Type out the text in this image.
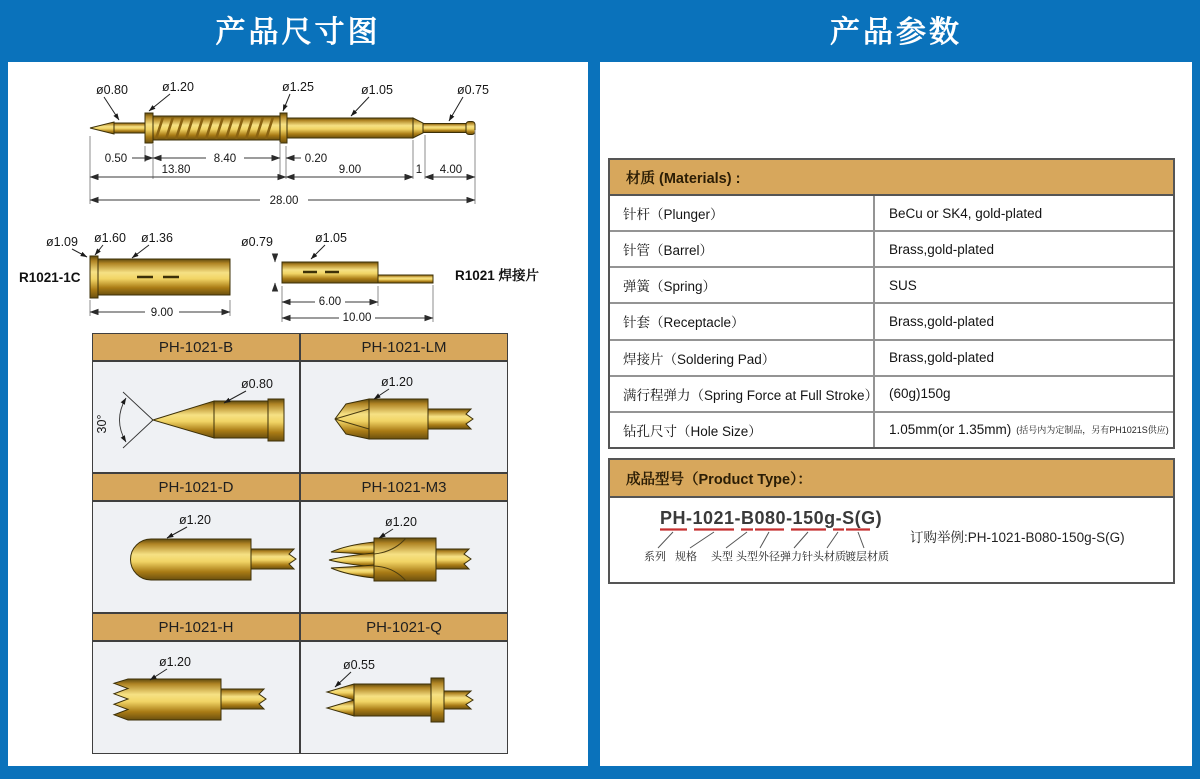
产品尺寸图	产品参数
ø0.80	ø1.20	ø1.25	ø1.05	ø0.75
0.50	8.40	0.20
13.80	9.00	1 4.00
28.00
ø1.09 ø1.60 ø1.36
9.00
R1021-1C
ø0.79	ø1.05
6.00
10.00
R1021 焊接片
PH-1021-B	PH-1021-LM
30°
ø0.80	ø1.20
PH-1021-D	PH-1021-M3
ø1.20	ø1.20
PH-1021-H	PH-1021-Q
ø1.20	ø0.55
材质 (Materials) :
针杆（Plunger）	BeCu or SK4, gold-plated
针管（Barrel）	Brass,gold-plated
弹簧（Spring）	SUS
针套（Receptacle）	Brass,gold-plated
焊接片（Soldering Pad）	Brass,gold-plated
满行程弹力（Spring Force at Full Stroke） (60g)150g
钻孔尺寸（Hole Size）	1.05mm(or 1.35mm) (括号内为定制品，另有PH1021S供应)
成品型号（Product Type）：
PH-1021-B080-150g-S(G)
系列 规格 头型 头型外径 弹力 针头材质 镀层材质
订购举例:PH-1021-B080-150g-S(G)
